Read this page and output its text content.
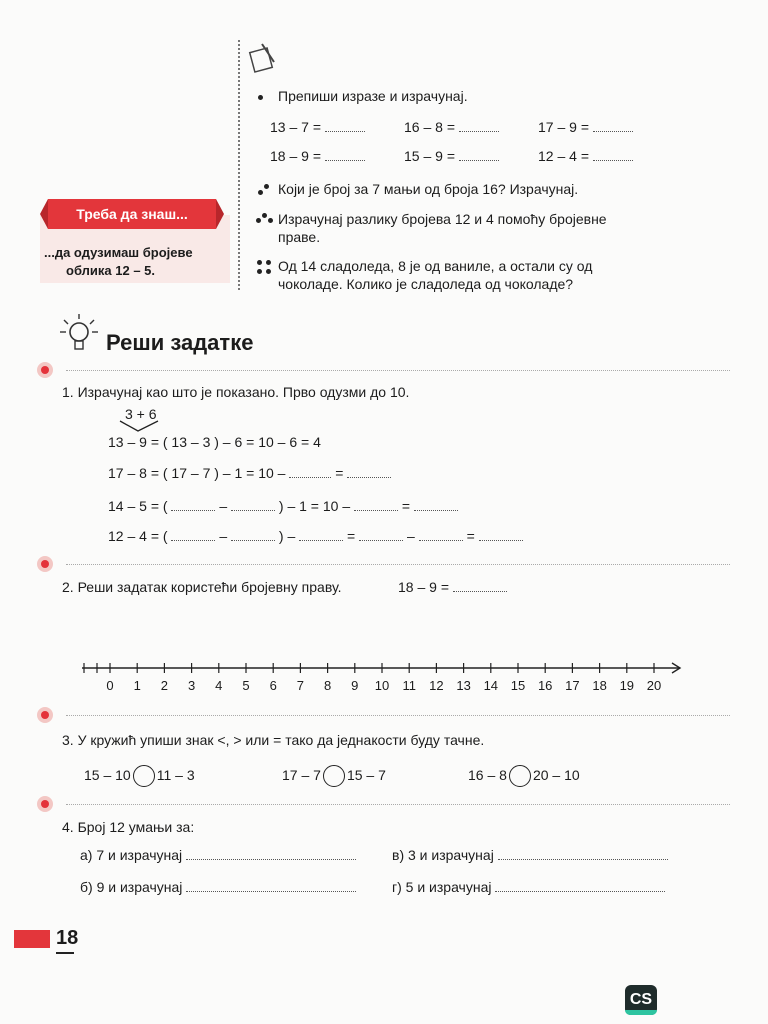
Треба да знаш...
...да одузимаш бројеве
облика 12 – 5.
Препиши изразе и израчунај.
13 – 7 =	16 – 8 =	17 – 9 =
18 – 9 =	15 – 9 =	12 – 4 =
Који је број за 7 мањи од броја 16? Израчунај.
Израчунај разлику бројева 12 и 4 помоћу бројевне
праве.
Од 14 сладоледа, 8 је од ваниле, а остали су од
чоколаде. Колико је сладоледа од чоколаде?
Реши задатке
1. Израчунај као што је показано. Прво одузми до 10.
3 + 6
13 – 9 = ( 13 – 3 ) – 6 = 10 – 6 = 4
17 – 8 = ( 17 – 7 ) – 1 = 10 –	=
14 – 5 = (	–	) – 1 = 10 –	=
12 – 4 = (	–	) –	=	–	=
2. Реши задатак користећи бројевну праву.	18 – 9 =
0	1	2	3	4	5	6	7	8	9	10	11	12 13 14 15 16 17 18 19 20
3. У кружић упиши знак <, > или = тако да једнакости буду тачне.
15 – 10 11 – 3	17 – 7 15 – 7	16 – 8 20 – 10
4. Број 12 умањи за:
а) 7 и израчунај	в) 3 и израчунај
б) 9 и израчунај	г) 5 и израчунај
18
CS
